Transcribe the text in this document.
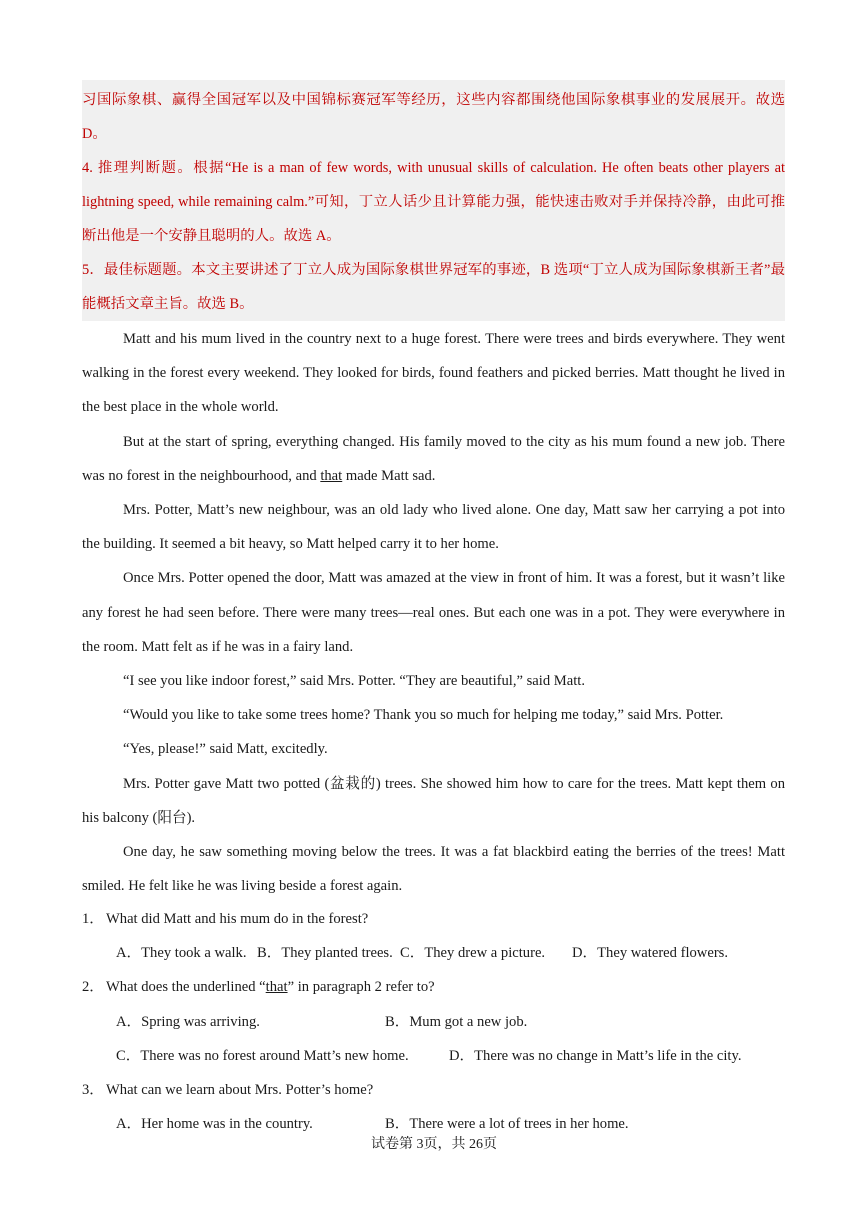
习国际象棋、赢得全国冠军以及中国锦标赛冠军等经历，这些内容都围绕他国际象棋事业的发展展开。故选 D。

4. 推理判断题。根据“He is a man of few words, with unusual skills of calculation. He often beats other players at lightning speed, while remaining calm.”可知，丁立人话少且计算能力强，能快速击败对手并保持冷静，由此可推断出他是一个安静且聪明的人。故选 A。

5．最佳标题题。本文主要讲述了丁立人成为国际象棋世界冠军的事迹，B 选项“丁立人成为国际象棋新王者”最能概括文章主旨。故选 B。

Matt and his mum lived in the country next to a huge forest. There were trees and birds everywhere. They went walking in the forest every weekend. They looked for birds, found feathers and picked berries. Matt thought he lived in the best place in the whole world.

But at the start of spring, everything changed. His family moved to the city as his mum found a new job. There was no forest in the neighbourhood, and that made Matt sad.

Mrs. Potter, Matt’s new neighbour, was an old lady who lived alone. One day, Matt saw her carrying a pot into the building. It seemed a bit heavy, so Matt helped carry it to her home.

Once Mrs. Potter opened the door, Matt was amazed at the view in front of him. It was a forest, but it wasn’t like any forest he had seen before. There were many trees—real ones. But each one was in a pot. They were everywhere in the room. Matt felt as if he was in a fairy land.

“I see you like indoor forest,” said Mrs. Potter. “They are beautiful,” said Matt.

“Would you like to take some trees home? Thank you so much for helping me today,” said Mrs. Potter.

“Yes, please!” said Matt, excitedly.

Mrs. Potter gave Matt two potted (盆栽的) trees. She showed him how to care for the trees. Matt kept them on his balcony (阳台).

One day, he saw something moving below the trees. It was a fat blackbird eating the berries of the trees! Matt smiled. He felt like he was living beside a forest again.

1． What did Matt and his mum do in the forest?

A．They took a walk. B．They planted trees. C．They drew a picture. D．They watered flowers.

2． What does the underlined “that” in paragraph 2 refer to?

A．Spring was arriving.	B．Mum got a new job.
C．There was no forest around Matt’s new home.	D．There was no change in Matt’s life in the city.

3． What can we learn about Mrs. Potter’s home?

A．Her home was in the country.	B．There were a lot of trees in her home.
试卷第 3页，共 26页
